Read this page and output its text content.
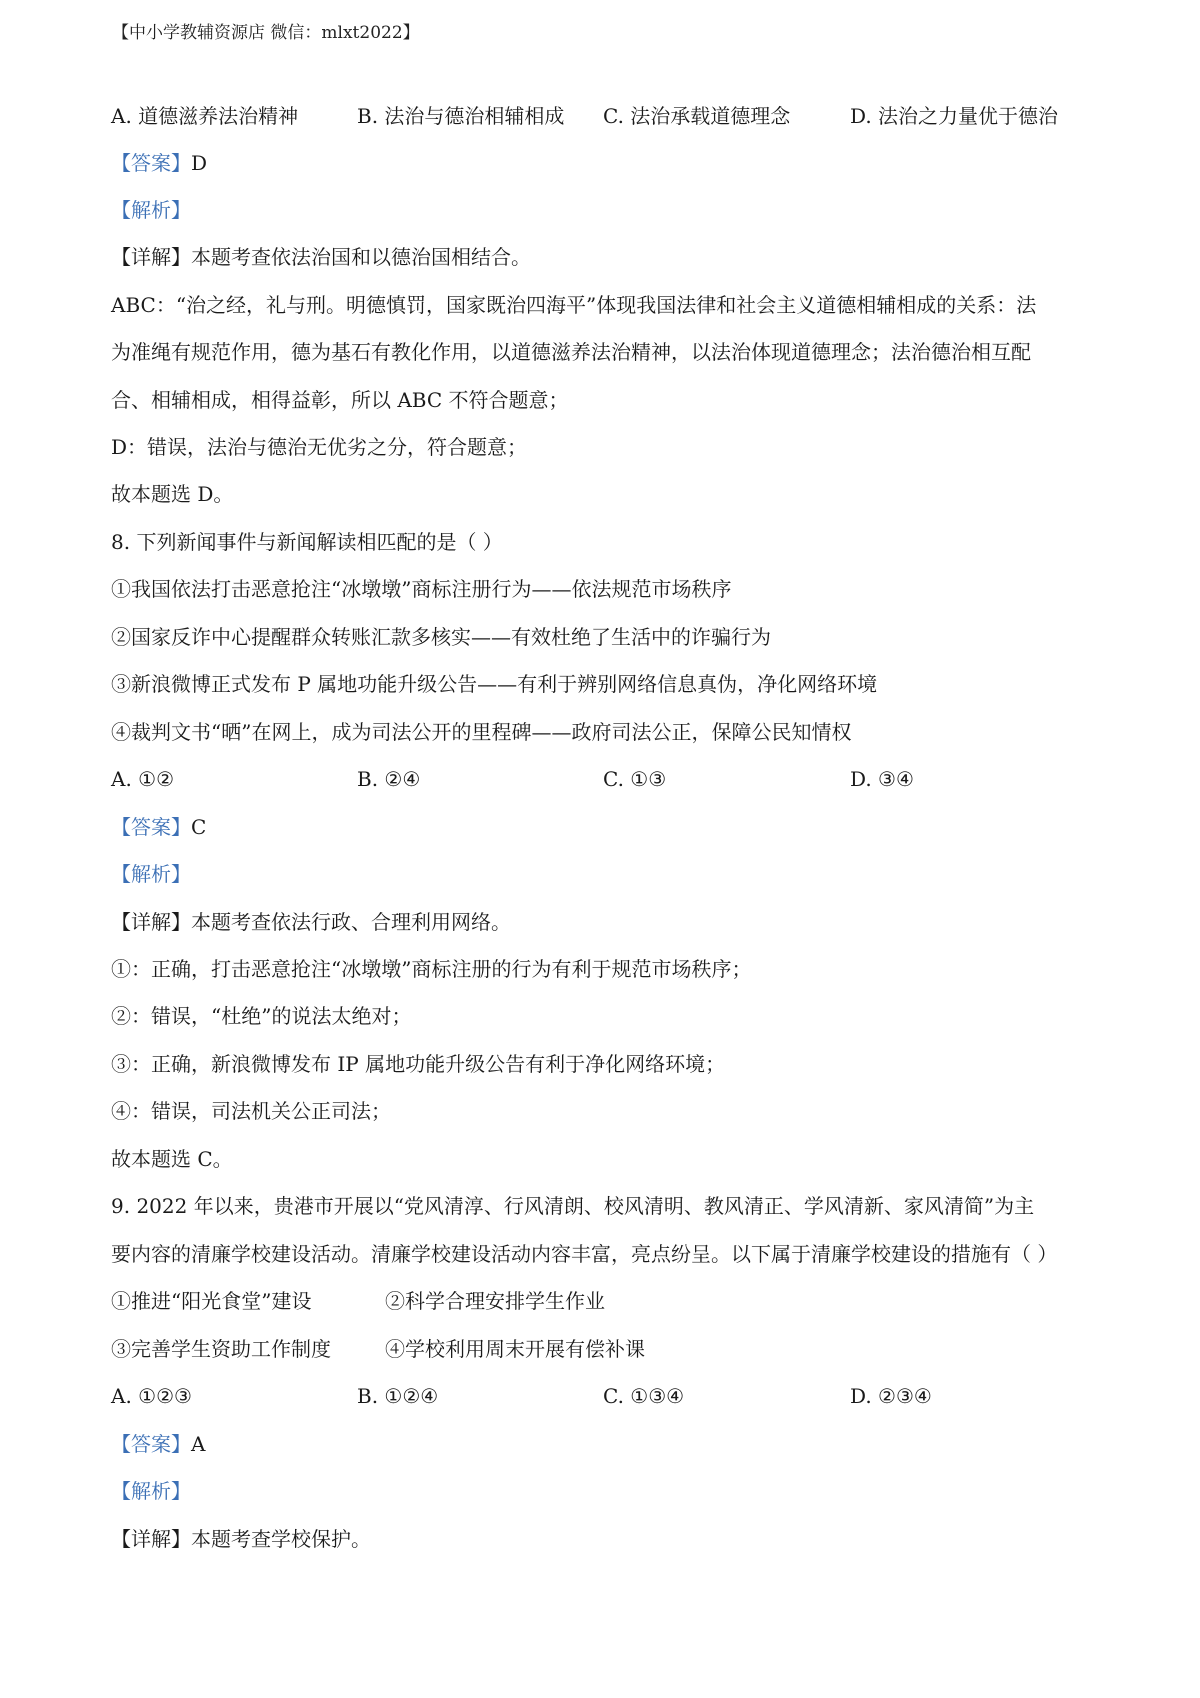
【中小学教辅资源店 微信：mlxt2022】
A. 道德滋养法治精神	B. 法治与德治相辅相成 C. 法治承载道德理念	D. 法治之力量优于德治
【答案】D
【解析】
【详解】本题考查依法治国和以德治国相结合。
ABC：“治之经，礼与刑。明德慎罚，国家既治四海平”体现我国法律和社会主义道德相辅相成的关系：法
为准绳有规范作用，德为基石有教化作用，以道德滋养法治精神，以法治体现道德理念；法治德治相互配
合、相辅相成，相得益彰，所以 ABC 不符合题意；
D：错误，法治与德治无优劣之分，符合题意；
故本题选 D。
8. 下列新闻事件与新闻解读相匹配的是（ ）
①我国依法打击恶意抢注“冰墩墩”商标注册行为——依法规范市场秩序
②国家反诈中心提醒群众转账汇款多核实——有效杜绝了生活中的诈骗行为
③新浪微博正式发布 P 属地功能升级公告——有利于辨别网络信息真伪，净化网络环境
④裁判文书“晒”在网上，成为司法公开的里程碑——政府司法公正，保障公民知情权
A. ①②	B. ②④	C. ①③	D. ③④
【答案】C
【解析】
【详解】本题考查依法行政、合理利用网络。
①：正确，打击恶意抢注“冰墩墩”商标注册的行为有利于规范市场秩序；
②：错误，“杜绝”的说法太绝对；
③：正确，新浪微博发布 IP 属地功能升级公告有利于净化网络环境；
④：错误，司法机关公正司法；
故本题选 C。
9. 2022 年以来，贵港市开展以“党风清淳、行风清朗、校风清明、教风清正、学风清新、家风清简”为主
要内容的清廉学校建设活动。清廉学校建设活动内容丰富，亮点纷呈。以下属于清廉学校建设的措施有（ ）
①推进“阳光食堂”建设	②科学合理安排学生作业
③完善学生资助工作制度	④学校利用周末开展有偿补课
A. ①②③	B. ①②④	C. ①③④	D. ②③④
【答案】A
【解析】
【详解】本题考查学校保护。
